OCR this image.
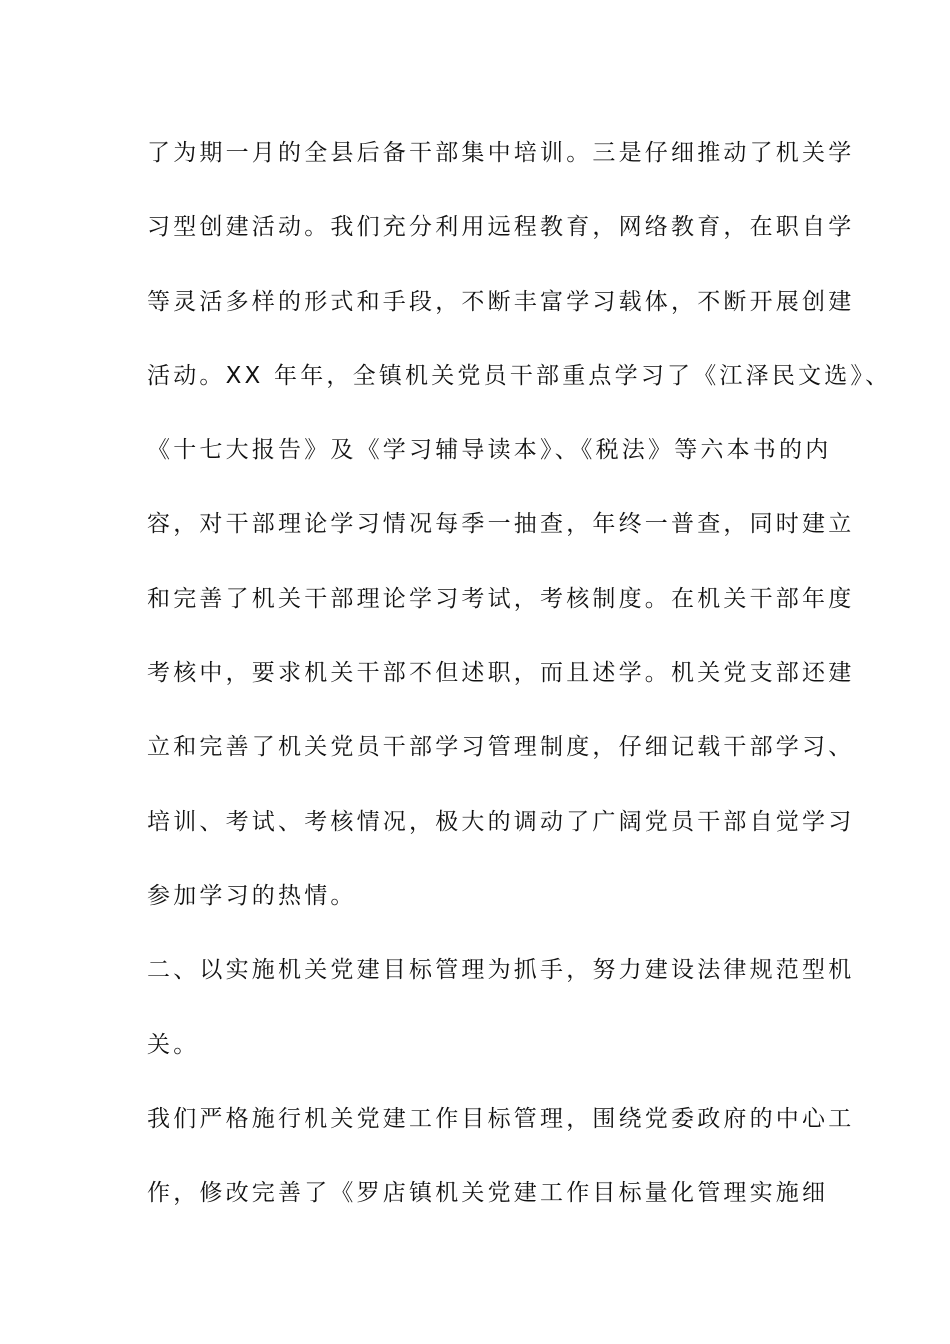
了为期一月的全县后备干部集中培训。三是仔细推动了机关学
习型创建活动。我们充分利用远程教育，网络教育，在职自学
等灵活多样的形式和手段，不断丰富学习载体，不断开展创建
活动。XX 年年，全镇机关党员干部重点学习了《江泽民文选》、
《十七大报告》及《学习辅导读本》、《税法》等六本书的内
容，对干部理论学习情况每季一抽查，年终一普查，同时建立
和完善了机关干部理论学习考试，考核制度。在机关干部年度
考核中，要求机关干部不但述职，而且述学。机关党支部还建
立和完善了机关党员干部学习管理制度，仔细记载干部学习、
培训、考试、考核情况，极大的调动了广阔党员干部自觉学习
参加学习的热情。
二、以实施机关党建目标管理为抓手，努力建设法律规范型机
关。
我们严格施行机关党建工作目标管理，围绕党委政府的中心工
作，修改完善了《罗店镇机关党建工作目标量化管理实施细
